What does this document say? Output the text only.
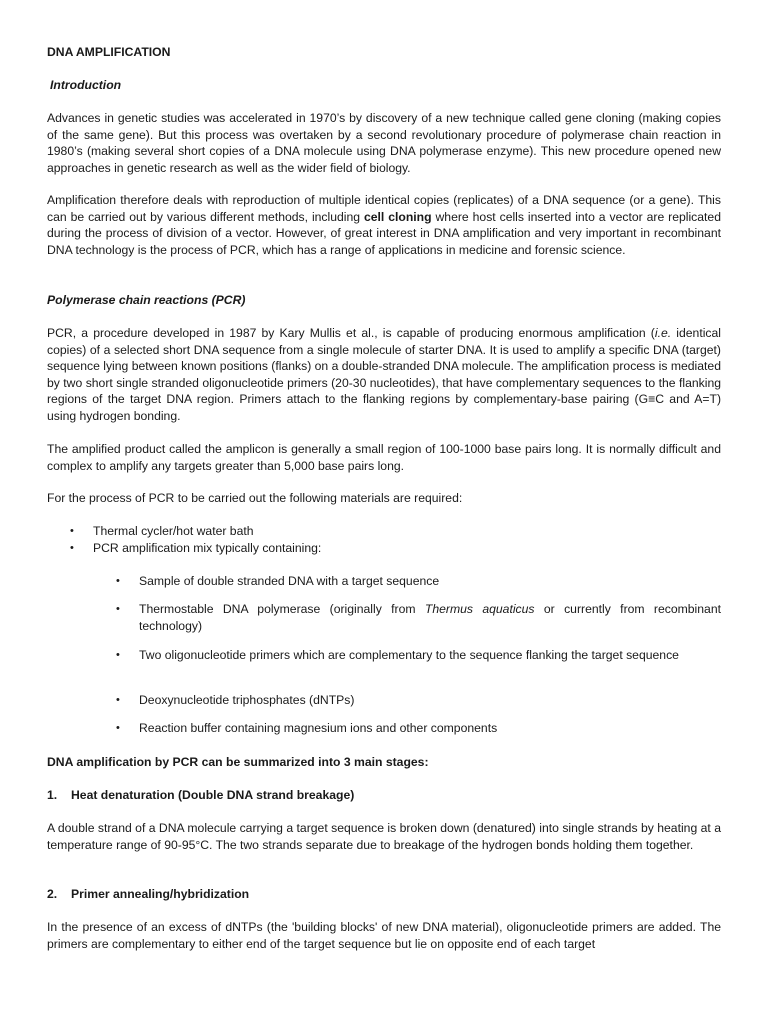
DNA AMPLIFICATION
Introduction

Advances in genetic studies was accelerated in 1970’s by discovery of a new technique called gene cloning (making copies of the same gene). But this process was overtaken by a second revolutionary procedure of polymerase chain reaction in 1980’s (making several short copies of a DNA molecule using DNA polymerase enzyme). This new procedure opened new approaches in genetic research as well as the wider field of biology.

Amplification therefore deals with reproduction of multiple identical copies (replicates) of a DNA sequence (or a gene). This can be carried out by various different methods, including cell cloning where host cells inserted into a vector are replicated during the process of division of a vector. However, of great interest in DNA amplification and very important in recombinant DNA technology is the process of PCR, which has a range of applications in medicine and forensic science.

Polymerase chain reactions (PCR)

PCR, a procedure developed in 1987 by Kary Mullis et al., is capable of producing enormous amplification (i.e. identical copies) of a selected short DNA sequence from a single molecule of starter DNA. It is used to amplify a specific DNA (target) sequence lying between known positions (flanks) on a double-stranded DNA molecule. The amplification process is mediated by two short single stranded oligonucleotide primers (20-30 nucleotides), that have complementary sequences to the flanking regions of the target DNA region. Primers attach to the flanking regions by complementary-base pairing (G≡C and A=T) using hydrogen bonding.

The amplified product called the amplicon is generally a small region of 100-1000 base pairs long. It is normally difficult and complex to amplify any targets greater than 5,000 base pairs long.

For the process of PCR to be carried out the following materials are required:

• Thermal cycler/hot water bath
• PCR amplification mix typically containing:
• Sample of double stranded DNA with a target sequence
• Thermostable DNA polymerase (originally from Thermus aquaticus or currently from recombinant technology)
• Two oligonucleotide primers which are complementary to the sequence flanking the target sequence
• Deoxynucleotide triphosphates (dNTPs)
• Reaction buffer containing magnesium ions and other components
DNA amplification by PCR can be summarized into 3 main stages:
1. Heat denaturation (Double DNA strand breakage)

A double strand of a DNA molecule carrying a target sequence is broken down (denatured) into single strands by heating at a temperature range of 90-95°C. The two strands separate due to breakage of the hydrogen bonds holding them together.

2. Primer annealing/hybridization

In the presence of an excess of dNTPs (the 'building blocks' of new DNA material), oligonucleotide primers are added. The primers are complementary to either end of the target sequence but lie on opposite end of each target
